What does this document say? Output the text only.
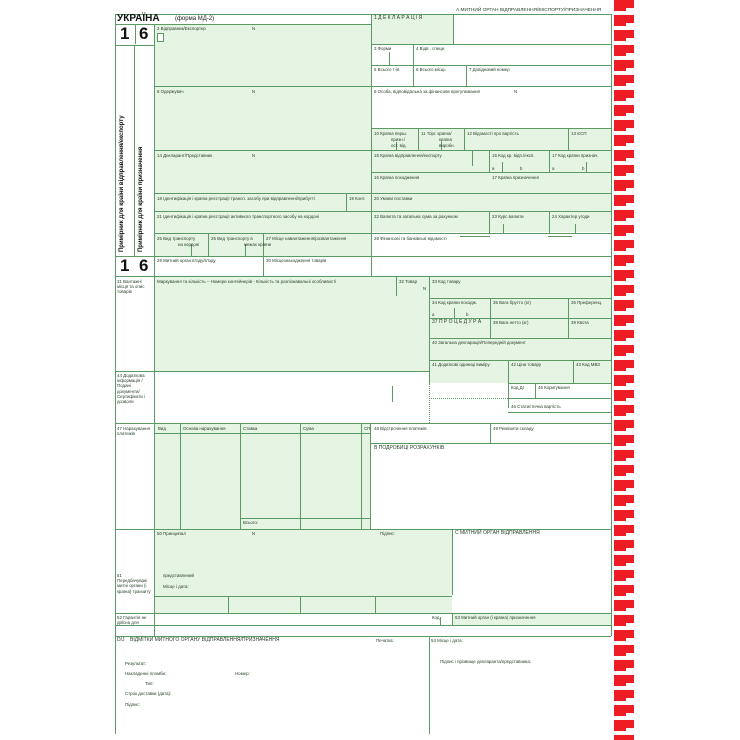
УКРАЇНА	(форма МД-2)
1 6
1 6
А МИТНИЙ ОРГАН ВІДПРАВЛЕННЯ/ЕКСПОРТУ/ПРИЗНАЧЕННЯ
Примірник для країни відправлення/експорту Примірник для країни призначення
2 Відправник/Експортер	N
1 Д Е К Л А Р А Ц І Я
3 Форми	4 Відв . специ.
5 Всього т-ів	6 Всього місць	7 Довідковий номер
8 Одержувач	N	9 Особа, відповідальна за фінансове врегулювання	N
10 Країна перш.
призн./
ост. від.
11 Торг. країна/
країна
виробн.
12 Відомості про вартість	13 ЄСП
14 Декларант/Представник	N	15 Країна відправлення/експорту	15 Код кр. відп./експ.	17 Код країни признач.
a	b	a	b
16 Країна походження	17 Країна призначення
18 Ідентифікація і країна реєстрації трансп. засобу при відправленні/прибутті	19 Конт. 20 Умови поставки
21 Ідентифікація і країна реєстрації активного транспортного засобу на кордоні	22 Валюта та загальна сума за рахунком	23 Курс валюти	24 Характер угоди
25 Вид транспорту
на кордоні
26 Вид транспорту в
межах країни
27 Місце навантаження/розвантаження	28 Фінансові та банківські відомості
29 Митний орган в'їзду/в'їзду	30 Місцезнаходження товарів
31 Вантажні місця та опис товарів
Маркування та кількість – Номери контейнерів - Кількість та розпізнавальні особливості	32 Товар
N
33 Код товару
34 Код країни походж.
a	b
35 Вага брутто (кг)	36 Преференц.
37 П Р О Ц Е Д У Р А	38 Вага нетто (кг)	39 Квота
40 Загальна декларація/Попередній документ
41 Додаткові одиниці виміру	42 Ціна товару	43 Код МВЗ
44 Додаткова інформація / Подані документи/ Сертифікати і дозволи
Код ДІ	45 Коригування
46 Статистична вартість
47 Нарахування платежів
Вид	Основа нарахування	Ставка	Сума	СП 48 Відстрочення платежів	49 Реквізити складу
В ПОДРОБИЦІ РОЗРАХУНКІВ
Всього:
50 Принципал	N	Підпис:	С МИТНИЙ ОРГАН ВІДПРАВЛЕННЯ
представлений
Місце і дата:
51 Передбачувані митні органи (і країна) транзиту
52 Гарантія не дійсна для
Код	53 Митний орган (і країна) призначення
D/J ВІДМІТКИ МИТНОГО ОРГАНУ ВІДПРАВЛЕННЯ/ПРИЗНАЧЕННЯ	Печатка:	54 Місце і дата:
Результат:
Накладенні пломби:	Номер:
Тип:
Строк доставки (дата):
Підпис:
Підпис і прізвище декларанта/представника:
